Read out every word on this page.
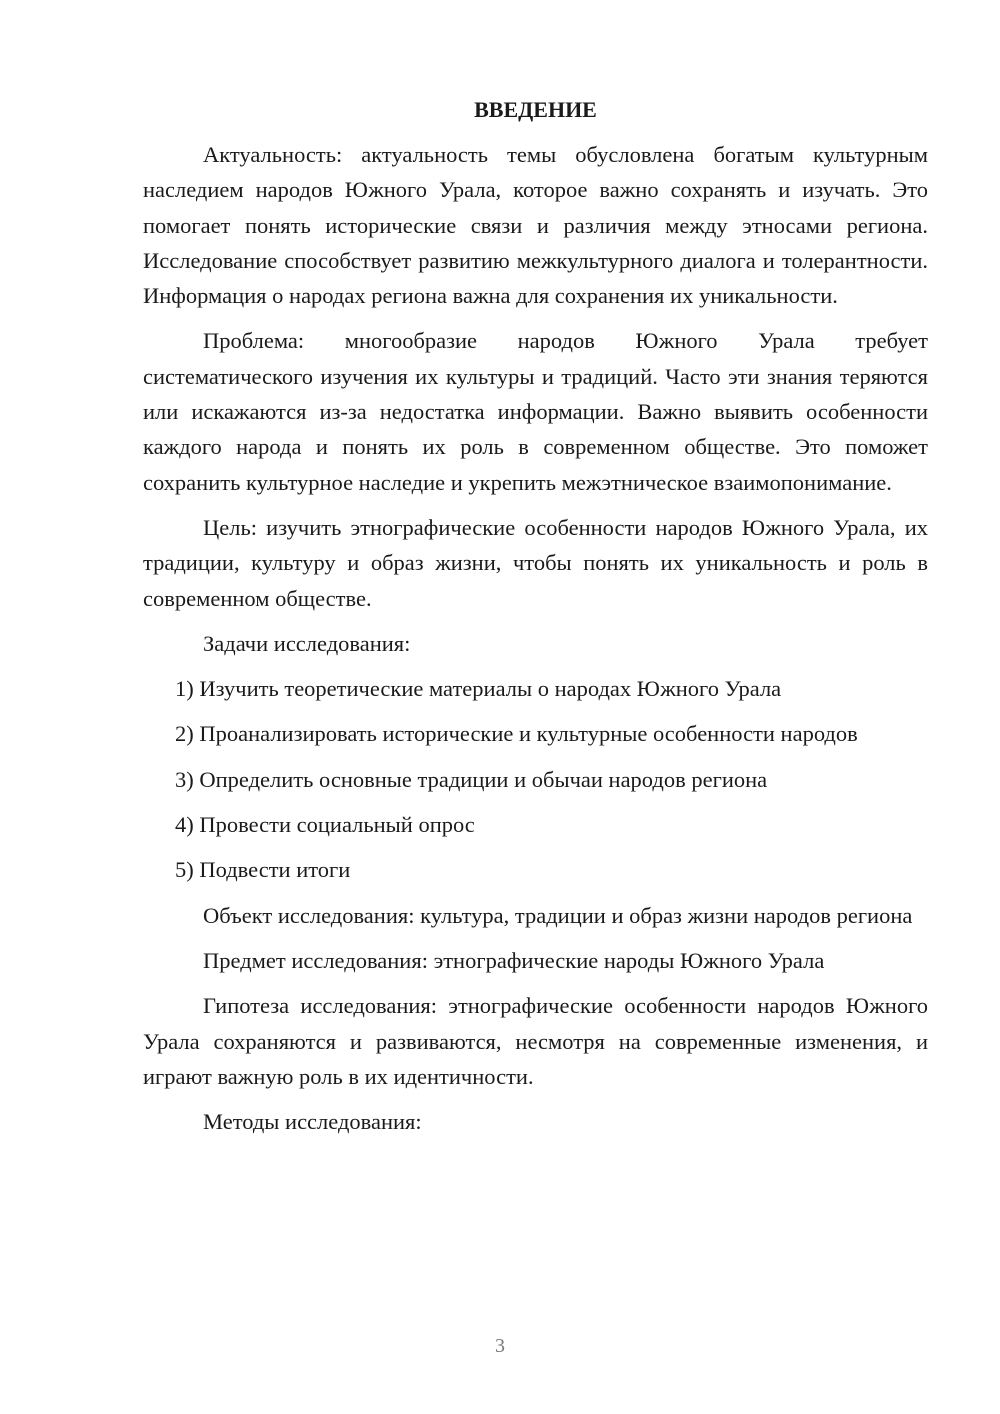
ВВЕДЕНИЕ

Актуальность: актуальность темы обусловлена богатым культурным наследием народов Южного Урала, которое важно сохранять и изучать. Это помогает понять исторические связи и различия между этносами региона. Исследование способствует развитию межкультурного диалога и толерантности. Информация о народах региона важна для сохранения их уникальности.

Проблема: многообразие народов Южного Урала требует систематического изучения их культуры и традиций. Часто эти знания теряются или искажаются из-за недостатка информации. Важно выявить особенности каждого народа и понять их роль в современном обществе. Это поможет сохранить культурное наследие и укрепить межэтническое взаимопонимание.

Цель: изучить этнографические особенности народов Южного Урала, их традиции, культуру и образ жизни, чтобы понять их уникальность и роль в современном обществе.

Задачи исследования:

1) Изучить теоретические материалы о народах Южного Урала

2) Проанализировать исторические и культурные особенности народов

3) Определить основные традиции и обычаи народов региона

4) Провести социальный опрос

5) Подвести итоги

Объект исследования: культура, традиции и образ жизни народов региона

Предмет исследования: этнографические народы Южного Урала

Гипотеза исследования: этнографические особенности народов Южного Урала сохраняются и развиваются, несмотря на современные изменения, и играют важную роль в их идентичности.

Методы исследования:

3
